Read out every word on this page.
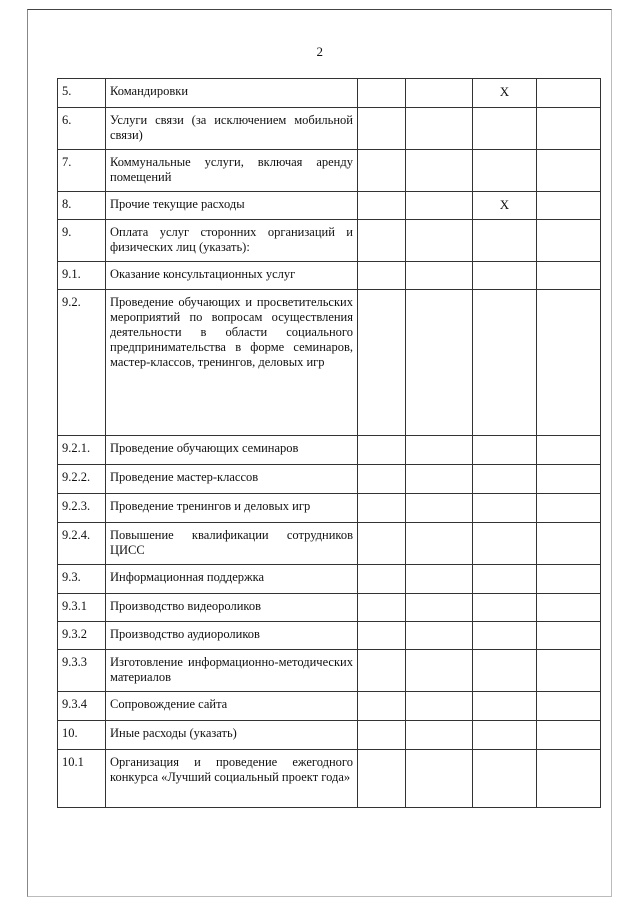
2
5.	Командировки			X	
6.	Услуги связи (за исключением мобильной связи)				
7.	Коммунальные услуги, включая аренду помещений				
8.	Прочие текущие расходы			X	
9.	Оплата услуг сторонних организаций и физических лиц (указать):				
9.1.	Оказание консультационных услуг				
9.2.	Проведение обучающих и просветительских мероприятий по вопросам осуществления деятельности в области социального предпринимательства в форме семинаров, мастер-классов, тренингов, деловых игр				
9.2.1.	Проведение обучающих семинаров				
9.2.2.	Проведение мастер-классов				
9.2.3.	Проведение тренингов и деловых игр				
9.2.4.	Повышение квалификации сотрудников ЦИСС				
9.3.	Информационная поддержка				
9.3.1	Производство видеороликов				
9.3.2	Производство аудиороликов				
9.3.3	Изготовление информационно-методических материалов				
9.3.4	Сопровождение сайта				
10.	Иные расходы (указать)				
10.1	Организация и проведение ежегодного конкурса «Лучший социальный проект года»				
